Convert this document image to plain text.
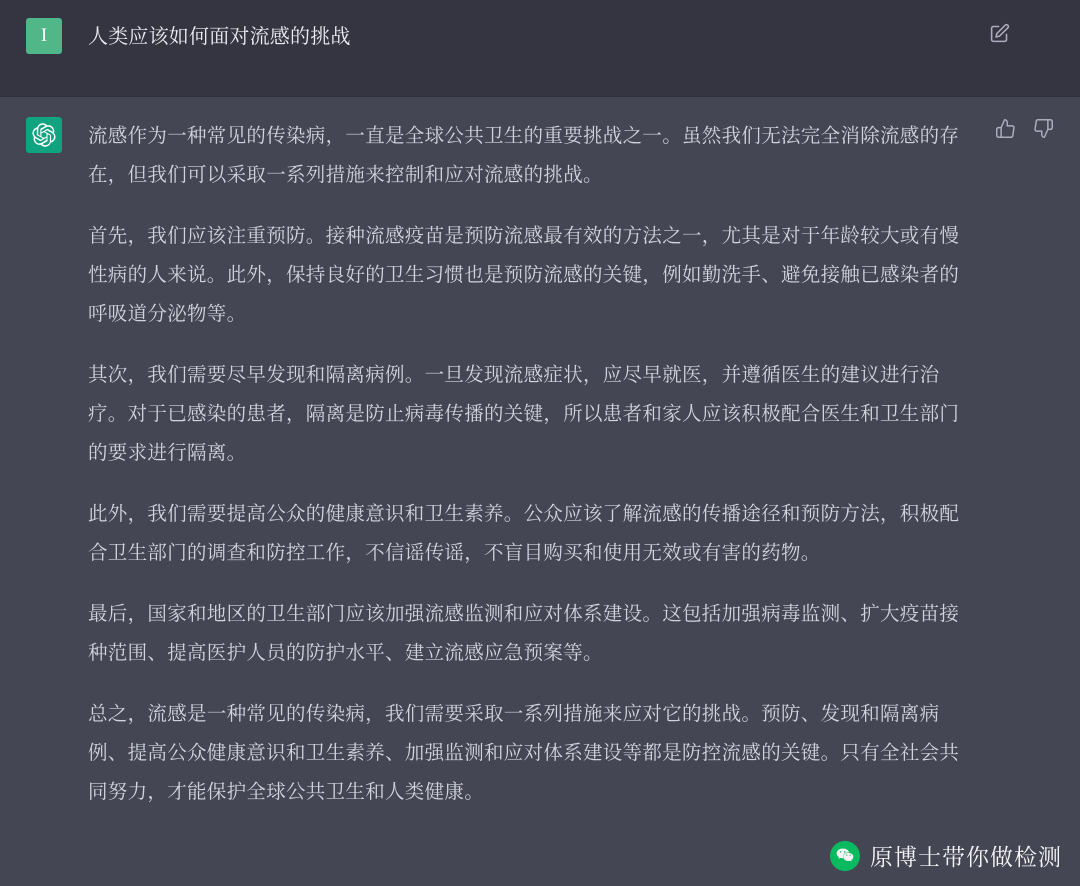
I 人类应该如何面对流感的挑战

流感作为一种常见的传染病，一直是全球公共卫生的重要挑战之一。虽然我们无法完全消除流感的存在，但我们可以采取一系列措施来控制和应对流感的挑战。

首先，我们应该注重预防。接种流感疫苗是预防流感最有效的方法之一，尤其是对于年龄较大或有慢性病的人来说。此外，保持良好的卫生习惯也是预防流感的关键，例如勤洗手、避免接触已感染者的呼吸道分泌物等。

其次，我们需要尽早发现和隔离病例。一旦发现流感症状，应尽早就医，并遵循医生的建议进行治疗。对于已感染的患者，隔离是防止病毒传播的关键，所以患者和家人应该积极配合医生和卫生部门的要求进行隔离。

此外，我们需要提高公众的健康意识和卫生素养。公众应该了解流感的传播途径和预防方法，积极配合卫生部门的调查和防控工作，不信谣传谣，不盲目购买和使用无效或有害的药物。

最后，国家和地区的卫生部门应该加强流感监测和应对体系建设。这包括加强病毒监测、扩大疫苗接种范围、提高医护人员的防护水平、建立流感应急预案等。

总之，流感是一种常见的传染病，我们需要采取一系列措施来应对它的挑战。预防、发现和隔离病例、提高公众健康意识和卫生素养、加强监测和应对体系建设等都是防控流感的关键。只有全社会共同努力，才能保护全球公共卫生和人类健康。

原博士带你做检测
